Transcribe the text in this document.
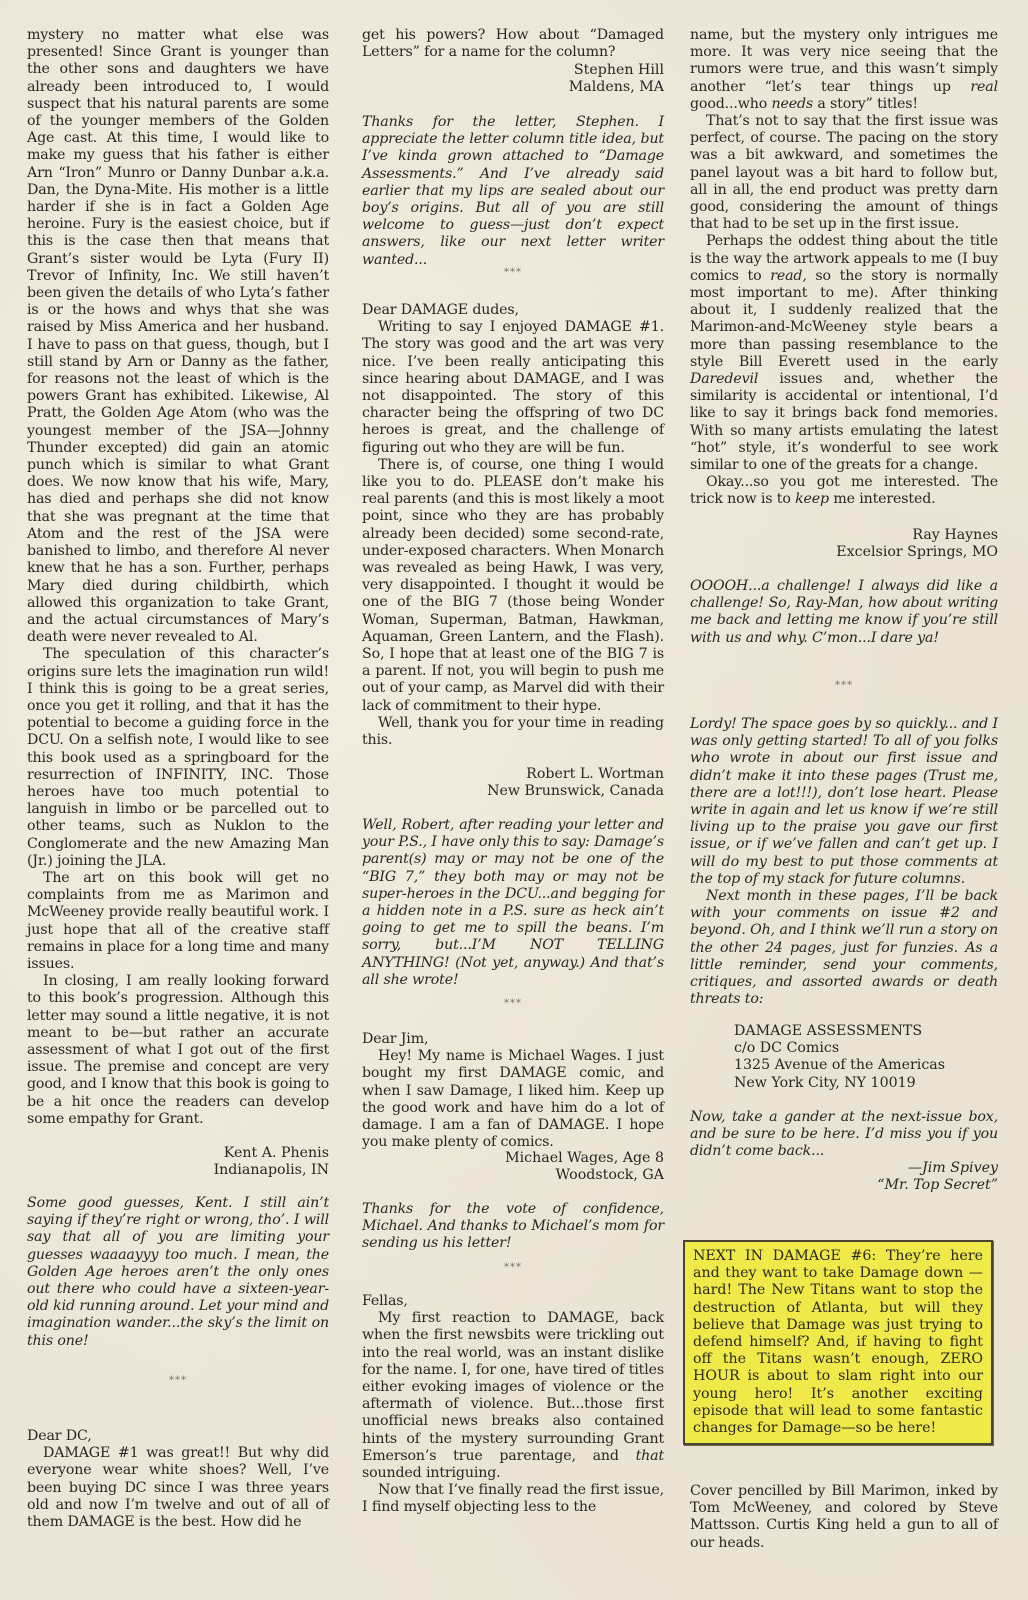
mystery no matter what else was presented! Since Grant is younger than the other sons and daughters we have already been introduced to, I would suspect that his natural parents are some of the younger members of the Golden Age cast. At this time, I would like to make my guess that his father is either Arn “Iron” Munro or Danny Dunbar a.k.a. Dan, the Dyna-Mite. His mother is a little harder if she is in fact a Golden Age heroine. Fury is the easiest choice, but if this is the case then that means that Grant’s sister would be Lyta (Fury II) Trevor of Infinity, Inc. We still haven’t been given the details of who Lyta’s father is or the hows and whys that she was raised by Miss America and her husband. I have to pass on that guess, though, but I still stand by Arn or Danny as the father, for reasons not the least of which is the powers Grant has exhibited. Likewise, Al Pratt, the Golden Age Atom (who was the youngest member of the JSA—Johnny Thunder excepted) did gain an atomic punch which is similar to what Grant does. We now know that his wife, Mary, has died and perhaps she did not know that she was pregnant at the time that Atom and the rest of the JSA were banished to limbo, and therefore Al never knew that he has a son. Further, perhaps Mary died during childbirth, which allowed this organization to take Grant, and the actual circumstances of Mary’s death were never revealed to Al.

The speculation of this character’s origins sure lets the imagination run wild! I think this is going to be a great series, once you get it rolling, and that it has the potential to become a guiding force in the DCU. On a selfish note, I would like to see this book used as a springboard for the resurrection of INFINITY, INC. Those heroes have too much potential to languish in limbo or be parcelled out to other teams, such as Nuklon to the Conglomerate and the new Amazing Man (Jr.) joining the JLA.

The art on this book will get no complaints from me as Marimon and McWeeney provide really beautiful work. I just hope that all of the creative staff remains in place for a long time and many issues.

In closing, I am really looking forward to this book’s progression. Although this letter may sound a little negative, it is not meant to be—but rather an accurate assessment of what I got out of the first issue. The premise and concept are very good, and I know that this book is going to be a hit once the readers can develop some empathy for Grant.

Kent A. Phenis
Indianapolis, IN

Some good guesses, Kent. I still ain’t saying if they’re right or wrong, tho’. I will say that all of you are limiting your guesses waaaayyy too much. I mean, the Golden Age heroes aren’t the only ones out there who could have a sixteen-year-old kid running around. Let your mind and imagination wander...the sky’s the limit on this one!

***
Dear DC,

DAMAGE #1 was great!! But why did everyone wear white shoes? Well, I’ve been buying DC since I was three years old and now I’m twelve and out of all of them DAMAGE is the best. How did he

get his powers? How about “Damaged Letters” for a name for the column?

Stephen Hill
Maldens, MA

Thanks for the letter, Stephen. I appreciate the letter column title idea, but I’ve kinda grown attached to “Damage Assessments.” And I’ve already said earlier that my lips are sealed about our boy’s origins. But all of you are still welcome to guess—just don’t expect answers, like our next letter writer wanted...

***
Dear DAMAGE dudes,

Writing to say I enjoyed DAMAGE #1. The story was good and the art was very nice. I’ve been really anticipating this since hearing about DAMAGE, and I was not disappointed. The story of this character being the offspring of two DC heroes is great, and the challenge of figuring out who they are will be fun.

There is, of course, one thing I would like you to do. PLEASE don’t make his real parents (and this is most likely a moot point, since who they are has probably already been decided) some second-rate, under-exposed characters. When Monarch was revealed as being Hawk, I was very, very disappointed. I thought it would be one of the BIG 7 (those being Wonder Woman, Superman, Batman, Hawkman, Aquaman, Green Lantern, and the Flash). So, I hope that at least one of the BIG 7 is a parent. If not, you will begin to push me out of your camp, as Marvel did with their lack of commitment to their hype.

Well, thank you for your time in reading this.

Robert L. Wortman
New Brunswick, Canada

Well, Robert, after reading your letter and your P.S., I have only this to say: Damage’s parent(s) may or may not be one of the “BIG 7,” they both may or may not be super-heroes in the DCU...and begging for a hidden note in a P.S. sure as heck ain’t going to get me to spill the beans. I’m sorry, but...I’M NOT TELLING ANYTHING! (Not yet, anyway.) And that’s all she wrote!

***
Dear Jim,

Hey! My name is Michael Wages. I just bought my first DAMAGE comic, and when I saw Damage, I liked him. Keep up the good work and have him do a lot of damage. I am a fan of DAMAGE. I hope you make plenty of comics.

Michael Wages, Age 8
Woodstock, GA

Thanks for the vote of confidence, Michael. And thanks to Michael’s mom for sending us his letter!

***
Fellas,

My first reaction to DAMAGE, back when the first newsbits were trickling out into the real world, was an instant dislike for the name. I, for one, have tired of titles either evoking images of violence or the aftermath of violence. But...those first unofficial news breaks also contained hints of the mystery surrounding Grant Emerson’s true parentage, and that sounded intriguing.

Now that I’ve finally read the first issue, I find myself objecting less to the

name, but the mystery only intrigues me more. It was very nice seeing that the rumors were true, and this wasn’t simply another “let’s tear things up real good...who needs a story” titles!

That’s not to say that the first issue was perfect, of course. The pacing on the story was a bit awkward, and sometimes the panel layout was a bit hard to follow but, all in all, the end product was pretty darn good, considering the amount of things that had to be set up in the first issue.

Perhaps the oddest thing about the title is the way the artwork appeals to me (I buy comics to read, so the story is normally most important to me). After thinking about it, I suddenly realized that the Marimon-and-McWeeney style bears a more than passing resemblance to the style Bill Everett used in the early Daredevil issues and, whether the similarity is accidental or intentional, I’d like to say it brings back fond memories. With so many artists emulating the latest “hot” style, it’s wonderful to see work similar to one of the greats for a change.

Okay...so you got me interested. The trick now is to keep me interested.

Ray Haynes
Excelsior Springs, MO

OOOOH...a challenge! I always did like a challenge! So, Ray-Man, how about writing me back and letting me know if you’re still with us and why. C’mon...I dare ya!

***

Lordy! The space goes by so quickly... and I was only getting started! To all of you folks who wrote in about our first issue and didn’t make it into these pages (Trust me, there are a lot!!!), don’t lose heart. Please write in again and let us know if we’re still living up to the praise you gave our first issue, or if we’ve fallen and can’t get up. I will do my best to put those comments at the top of my stack for future columns.

Next month in these pages, I’ll be back with your comments on issue #2 and beyond. Oh, and I think we’ll run a story on the other 24 pages, just for funzies. As a little reminder, send your comments, critiques, and assorted awards or death threats to:

DAMAGE ASSESSMENTS
c/o DC Comics
1325 Avenue of the Americas
New York City, NY 10019

Now, take a gander at the next-issue box, and be sure to be here. I’d miss you if you didn’t come back...

—Jim Spivey
“Mr. Top Secret”

NEXT IN DAMAGE #6: They’re here and they want to take Damage down —hard! The New Titans want to stop the destruction of Atlanta, but will they believe that Damage was just trying to defend himself? And, if having to fight off the Titans wasn’t enough, ZERO HOUR is about to slam right into our young hero! It’s another exciting episode that will lead to some fantastic changes for Damage—so be here!

Cover pencilled by Bill Marimon, inked by Tom McWeeney, and colored by Steve Mattsson. Curtis King held a gun to all of our heads.
